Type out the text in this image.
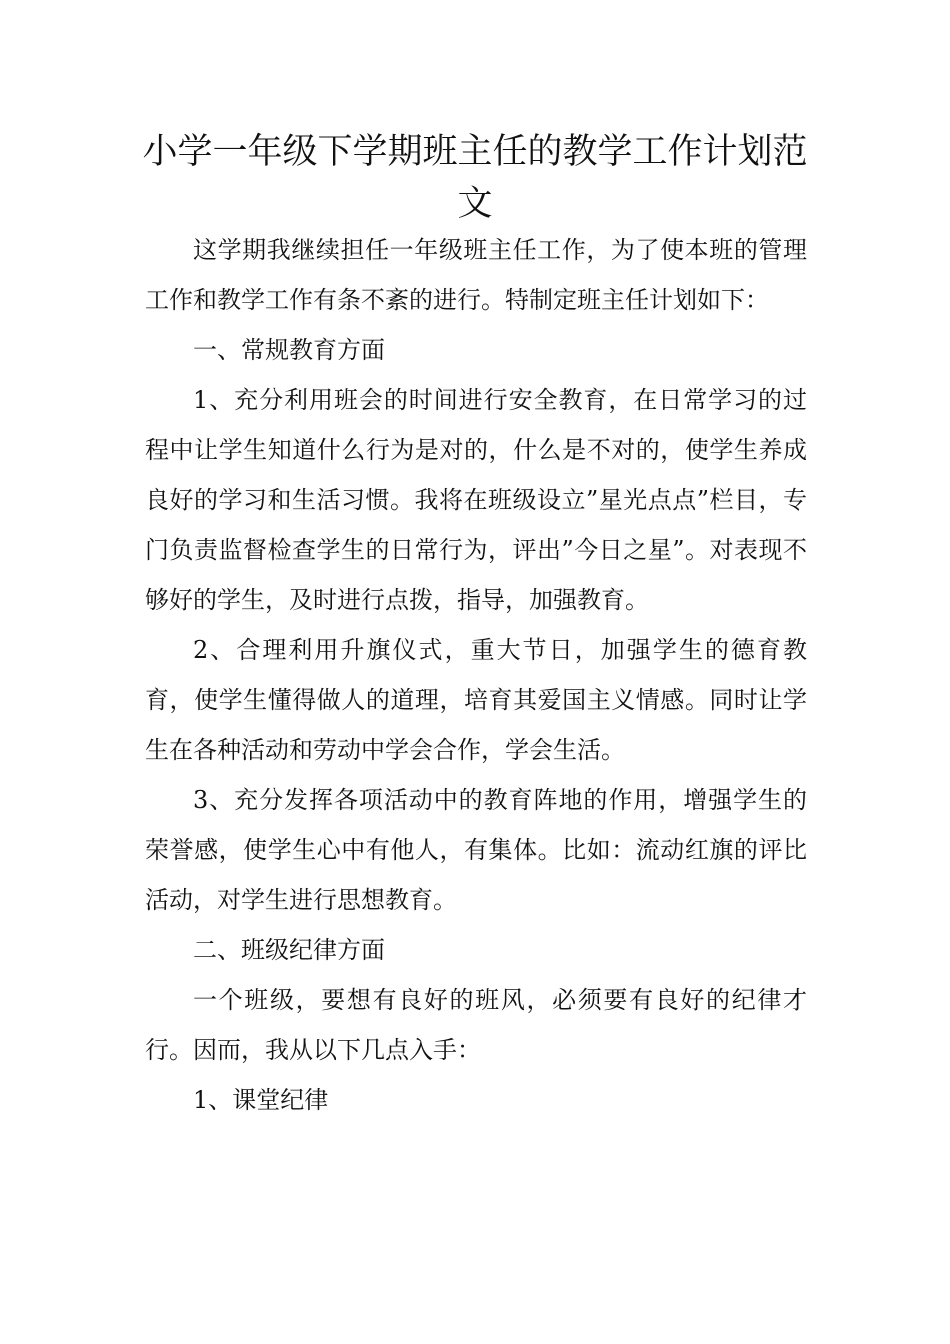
小学一年级下学期班主任的教学工作计划范文

这学期我继续担任一年级班主任工作，为了使本班的管理工作和教学工作有条不紊的进行。特制定班主任计划如下：

一、常规教育方面

1、充分利用班会的时间进行安全教育，在日常学习的过程中让学生知道什么行为是对的，什么是不对的，使学生养成良好的学习和生活习惯。我将在班级设立”星光点点”栏目，专门负责监督检查学生的日常行为，评出”今日之星”。对表现不够好的学生，及时进行点拨，指导，加强教育。

2、合理利用升旗仪式，重大节日，加强学生的德育教育，使学生懂得做人的道理，培育其爱国主义情感。同时让学生在各种活动和劳动中学会合作，学会生活。

3、充分发挥各项活动中的教育阵地的作用，增强学生的荣誉感，使学生心中有他人，有集体。比如：流动红旗的评比活动，对学生进行思想教育。

二、班级纪律方面

一个班级，要想有良好的班风，必须要有良好的纪律才行。因而，我从以下几点入手：

1、课堂纪律
